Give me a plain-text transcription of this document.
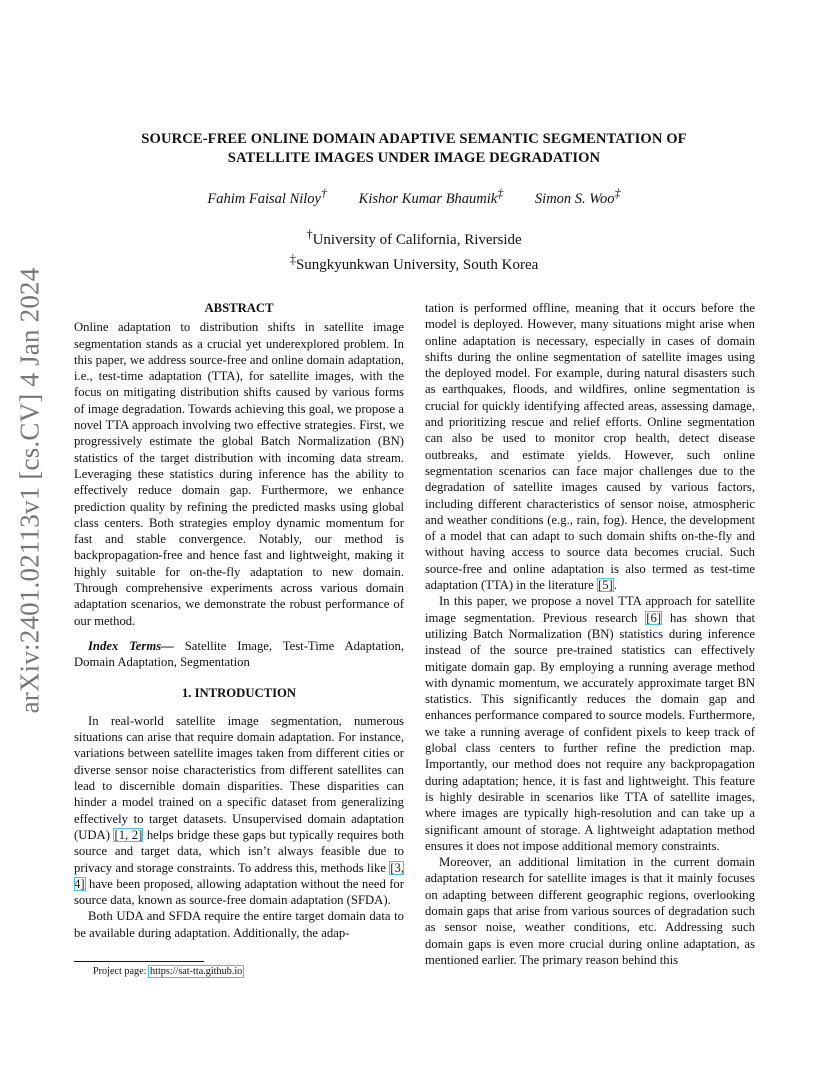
arXiv:2401.02113v1 [cs.CV] 4 Jan 2024
SOURCE-FREE ONLINE DOMAIN ADAPTIVE SEMANTIC SEGMENTATION OF
SATELLITE IMAGES UNDER IMAGE DEGRADATION
Fahim Faisal Niloy† Kishor Kumar Bhaumik‡ Simon S. Woo‡
†University of California, Riverside
‡Sungkyunkwan University, South Korea
ABSTRACT

Online adaptation to distribution shifts in satellite image segmentation stands as a crucial yet underexplored problem. In this paper, we address source-free and online domain adaptation, i.e., test-time adaptation (TTA), for satellite images, with the focus on mitigating distribution shifts caused by various forms of image degradation. Towards achieving this goal, we propose a novel TTA approach involving two effective strategies. First, we progressively estimate the global Batch Normalization (BN) statistics of the target distribution with incoming data stream. Leveraging these statistics during inference has the ability to effectively reduce domain gap. Furthermore, we enhance prediction quality by refining the predicted masks using global class centers. Both strategies employ dynamic momentum for fast and stable convergence. Notably, our method is backpropagation-free and hence fast and lightweight, making it highly suitable for on-the-fly adaptation to new domain. Through comprehensive experiments across various domain adaptation scenarios, we demonstrate the robust performance of our method.

Index Terms— Satellite Image, Test-Time Adaptation, Domain Adaptation, Segmentation

1. INTRODUCTION

In real-world satellite image segmentation, numerous situations can arise that require domain adaptation. For instance, variations between satellite images taken from different cities or diverse sensor noise characteristics from different satellites can lead to discernible domain disparities. These disparities can hinder a model trained on a specific dataset from generalizing effectively to target datasets. Unsupervised domain adaptation (UDA) [1, 2] helps bridge these gaps but typically requires both source and target data, which isn’t always feasible due to privacy and storage constraints. To address this, methods like [3, 4] have been proposed, allowing adaptation without the need for source data, known as source-free domain adaptation (SFDA).

Both UDA and SFDA require the entire target domain data to be available during adaptation. Additionally, the adap-

tation is performed offline, meaning that it occurs before the model is deployed. However, many situations might arise when online adaptation is necessary, especially in cases of domain shifts during the online segmentation of satellite images using the deployed model. For example, during natural disasters such as earthquakes, floods, and wildfires, online segmentation is crucial for quickly identifying affected areas, assessing damage, and prioritizing rescue and relief efforts. Online segmentation can also be used to monitor crop health, detect disease outbreaks, and estimate yields. However, such online segmentation scenarios can face major challenges due to the degradation of satellite images caused by various factors, including different characteristics of sensor noise, atmospheric and weather conditions (e.g., rain, fog). Hence, the development of a model that can adapt to such domain shifts on-the-fly and without having access to source data becomes crucial. Such source-free and online adaptation is also termed as test-time adaptation (TTA) in the literature [5].

In this paper, we propose a novel TTA approach for satellite image segmentation. Previous research [6] has shown that utilizing Batch Normalization (BN) statistics during inference instead of the source pre-trained statistics can effectively mitigate domain gap. By employing a running average method with dynamic momentum, we accurately approximate target BN statistics. This significantly reduces the domain gap and enhances performance compared to source models. Furthermore, we take a running average of confident pixels to keep track of global class centers to further refine the prediction map. Importantly, our method does not require any backpropagation during adaptation; hence, it is fast and lightweight. This feature is highly desirable in scenarios like TTA of satellite images, where images are typically high-resolution and can take up a significant amount of storage. A lightweight adaptation method ensures it does not impose additional memory constraints.

Moreover, an additional limitation in the current domain adaptation research for satellite images is that it mainly focuses on adapting between different geographic regions, overlooking domain gaps that arise from various sources of degradation such as sensor noise, weather conditions, etc. Addressing such domain gaps is even more crucial during online adaptation, as mentioned earlier. The primary reason behind this

Project page: https://sat-tta.github.io
